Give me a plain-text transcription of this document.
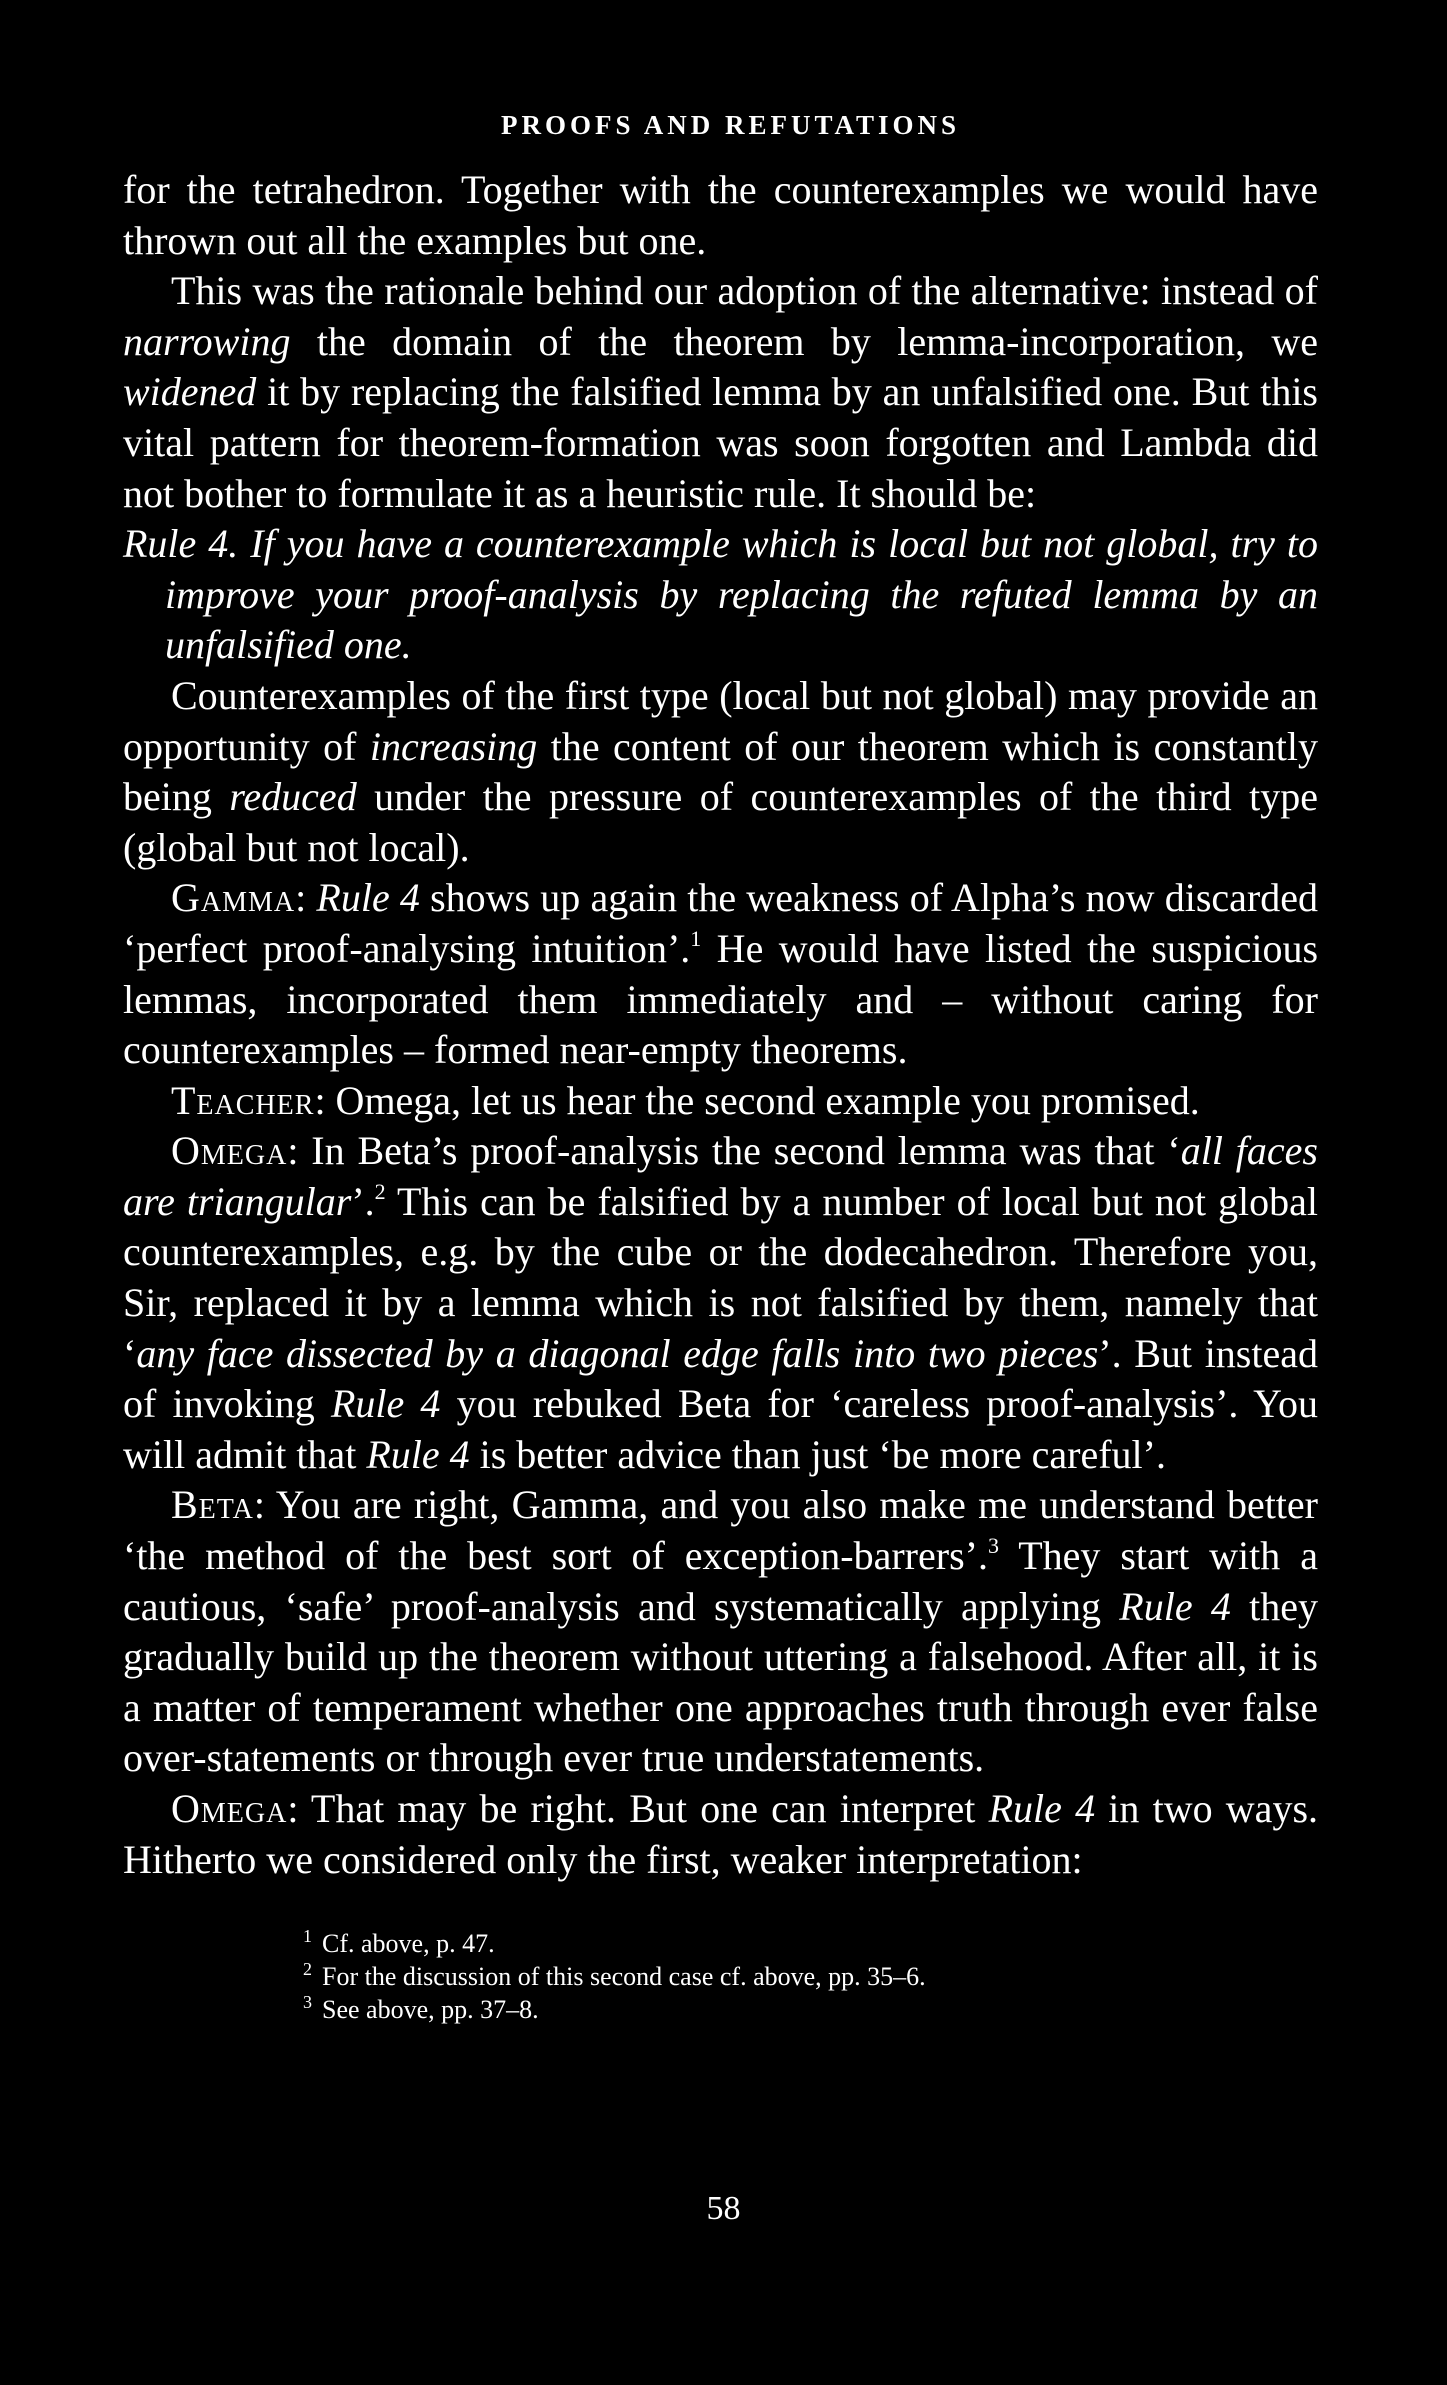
PROOFS AND REFUTATIONS

for the tetrahedron. Together with the counterexamples we would have thrown out all the examples but one.

This was the rationale behind our adoption of the alternative: instead of narrowing the domain of the theorem by lemma-incorporation, we widened it by replacing the falsified lemma by an unfalsified one. But this vital pattern for theorem-formation was soon forgotten and Lambda did not bother to formulate it as a heuristic rule. It should be:

Rule 4. If you have a counterexample which is local but not global, try to improve your proof-analysis by replacing the refuted lemma by an unfalsified one.

Counterexamples of the first type (local but not global) may provide an opportunity of increasing the content of our theorem which is constantly being reduced under the pressure of counterexamples of the third type (global but not local).

Gamma: Rule 4 shows up again the weakness of Alpha’s now discarded ‘perfect proof-analysing intuition’.$^1$ He would have listed the suspicious lemmas, incorporated them immediately and – without caring for counterexamples – formed near-empty theorems.

Teacher: Omega, let us hear the second example you promised.

Omega: In Beta’s proof-analysis the second lemma was that ‘all faces are triangular’.$^2$ This can be falsified by a number of local but not global counterexamples, e.g. by the cube or the dodecahedron. Therefore you, Sir, replaced it by a lemma which is not falsified by them, namely that ‘any face dissected by a diagonal edge falls into two pieces’. But instead of invoking Rule 4 you rebuked Beta for ‘careless proof-analysis’. You will admit that Rule 4 is better advice than just ‘be more careful’.

Beta: You are right, Gamma, and you also make me understand better ‘the method of the best sort of exception-barrers’.$^3$ They start with a cautious, ‘safe’ proof-analysis and systematically applying Rule 4 they gradually build up the theorem without uttering a falsehood. After all, it is a matter of temperament whether one approaches truth through ever false over-statements or through ever true understatements.

Omega: That may be right. But one can interpret Rule 4 in two ways. Hitherto we considered only the first, weaker interpretation:

$^1$ Cf. above, p. 47.
$^2$ For the discussion of this second case cf. above, pp. 35–6.
$^3$ See above, pp. 37–8.
58
